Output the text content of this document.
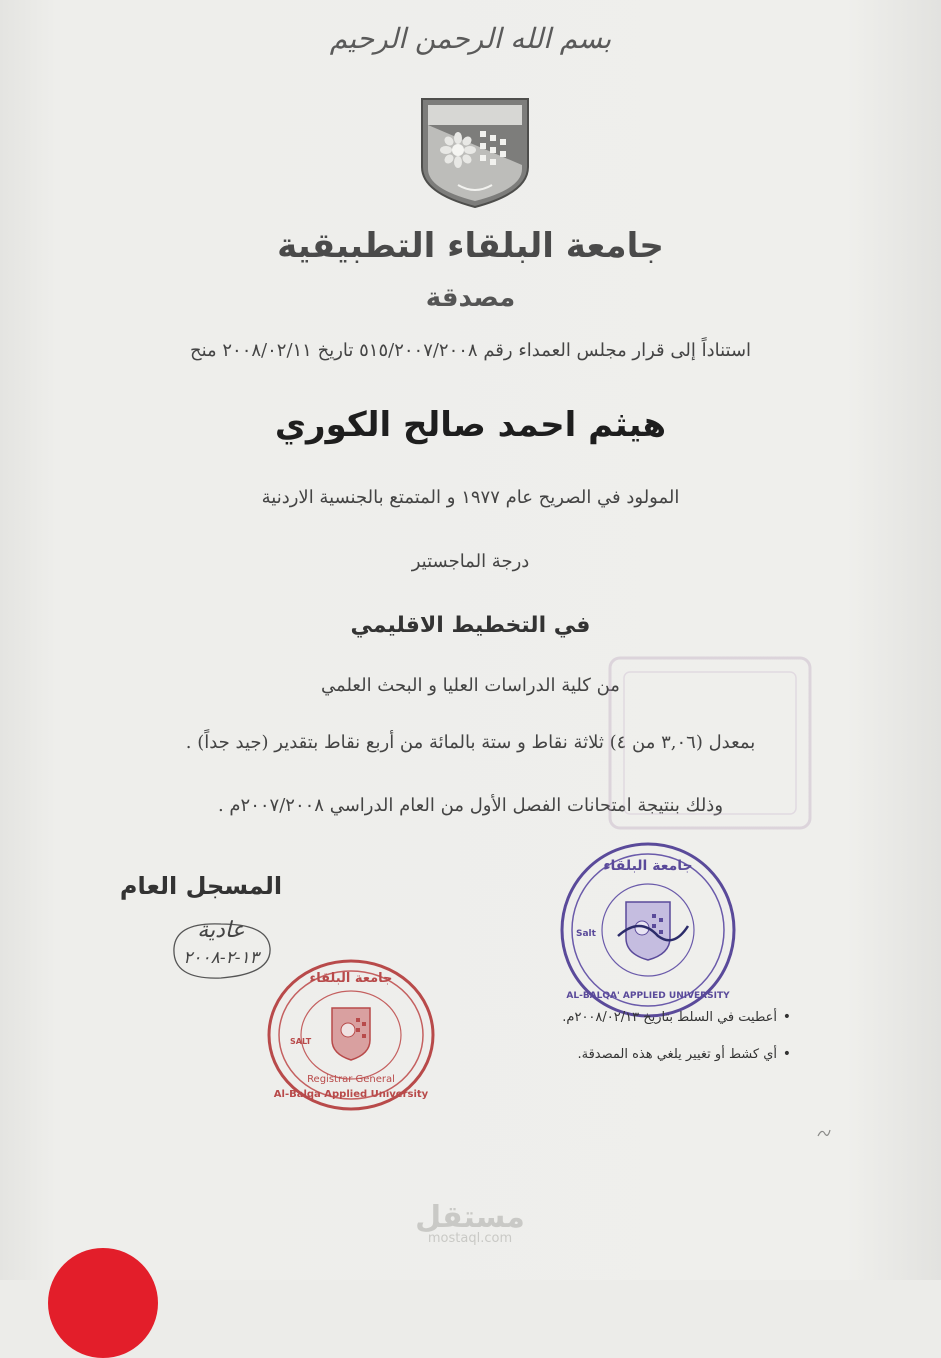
بسم الله الرحمن الرحيم
جامعة البلقاء التطبيقية
مصدقة
استناداً إلى قرار مجلس العمداء رقم ٥١٥/٢٠٠٧/٢٠٠٨ تاريخ ٢٠٠٨/٠٢/١١ منح
هيثم احمد صالح الكوري
المولود في الصريح عام ١٩٧٧ و المتمتع بالجنسية الاردنية
درجة الماجستير
في التخطيط الاقليمي
من كلية الدراسات العليا و البحث العلمي
بمعدل (٣,٠٦ من ٤) ثلاثة نقاط و ستة بالمائة من أربع نقاط بتقدير (جيد جداً) .
وذلك بنتيجة امتحانات الفصل الأول من العام الدراسي ٢٠٠٧/٢٠٠٨م .
المسجل العام
عادية
١٣-٢-٢٠٠٨
جامعة البلقاء
SALT
Registrar General
Al-Balqa Applied University
جامعة البلقاء
Salt
AL-BALQA' APPLIED UNIVERSITY
• أعطيت في السلط بتاريخ ٢٠٠٨/٠٢/١٣م.
• أي كشط أو تغيير يلغي هذه المصدقة.
مستقل
mostaql.com
